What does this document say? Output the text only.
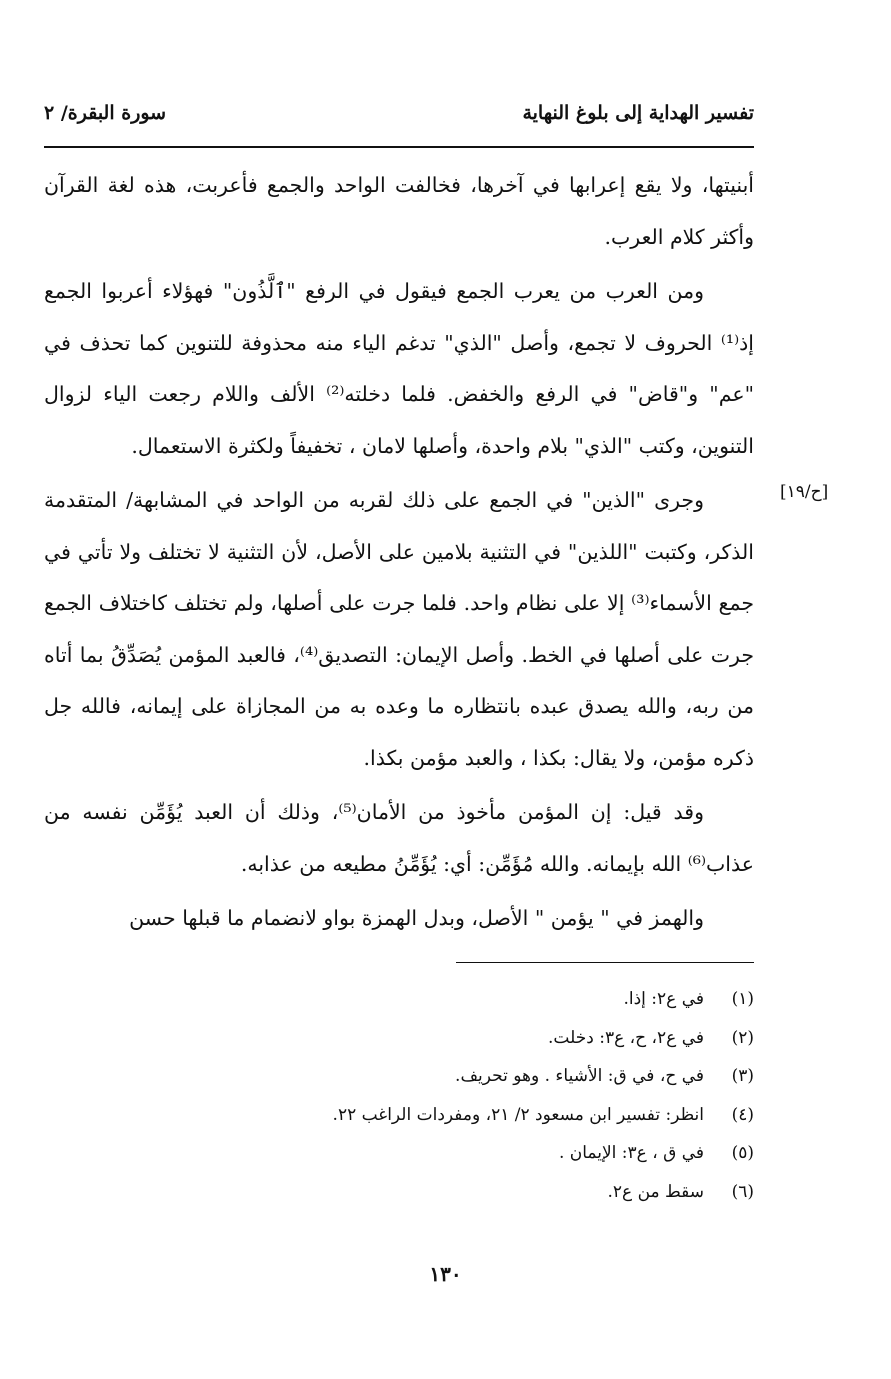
تفسير الهداية إلى بلوغ النهاية
سورة البقرة/ ٢
[ح/١٩]

أبنيتها، ولا يقع إعرابها في آخرها، فخالفت الواحد والجمع فأعربت، هذه لغة القرآن وأكثر كلام العرب.

ومن العرب من يعرب الجمع فيقول في الرفع "ٱلَّذُون" فهؤلاء أعربوا الجمع إذ⁽¹⁾ الحروف لا تجمع، وأصل "الذي" تدغم الياء منه محذوفة للتنوين كما تحذف في "عم" و"قاض" في الرفع والخفض. فلما دخلته⁽²⁾ الألف واللام رجعت الياء لزوال التنوين، وكتب "الذي" بلام واحدة، وأصلها لامان ، تخفيفاً ولكثرة الاستعمال.

وجرى "الذين" في الجمع على ذلك لقربه من الواحد في المشابهة/ المتقدمة الذكر، وكتبت "اللذين" في التثنية بلامين على الأصل، لأن التثنية لا تختلف ولا تأتي في جمع الأسماء⁽³⁾ إلا على نظام واحد. فلما جرت على أصلها، ولم تختلف كاختلاف الجمع جرت على أصلها في الخط. وأصل الإيمان: التصديق⁽⁴⁾، فالعبد المؤمن يُصَدِّقُ بما أتاه من ربه، والله يصدق عبده بانتظاره ما وعده به من المجازاة على إيمانه، فالله جل ذكره مؤمن، ولا يقال: بكذا ، والعبد مؤمن بكذا.

وقد قيل: إن المؤمن مأخوذ من الأمان⁽⁵⁾، وذلك أن العبد يُؤَمِّن نفسه من عذاب⁽⁶⁾ الله بإيمانه. والله مُؤَمِّن: أي: يُؤَمِّنُ مطيعه من عذابه.

والهمز في " يؤمن " الأصل، وبدل الهمزة بواو لانضمام ما قبلها حسن

(١)في ع٢: إذا.
(٢)في ع٢، ح، ع٣: دخلت.
(٣)في ح، في ق: الأشياء . وهو تحريف.
(٤)انظر: تفسير ابن مسعود ٢/ ٢١، ومفردات الراغب ٢٢.
(٥)في ق ، ع٣: الإيمان .
(٦)سقط من ع٢.
١٣٠
